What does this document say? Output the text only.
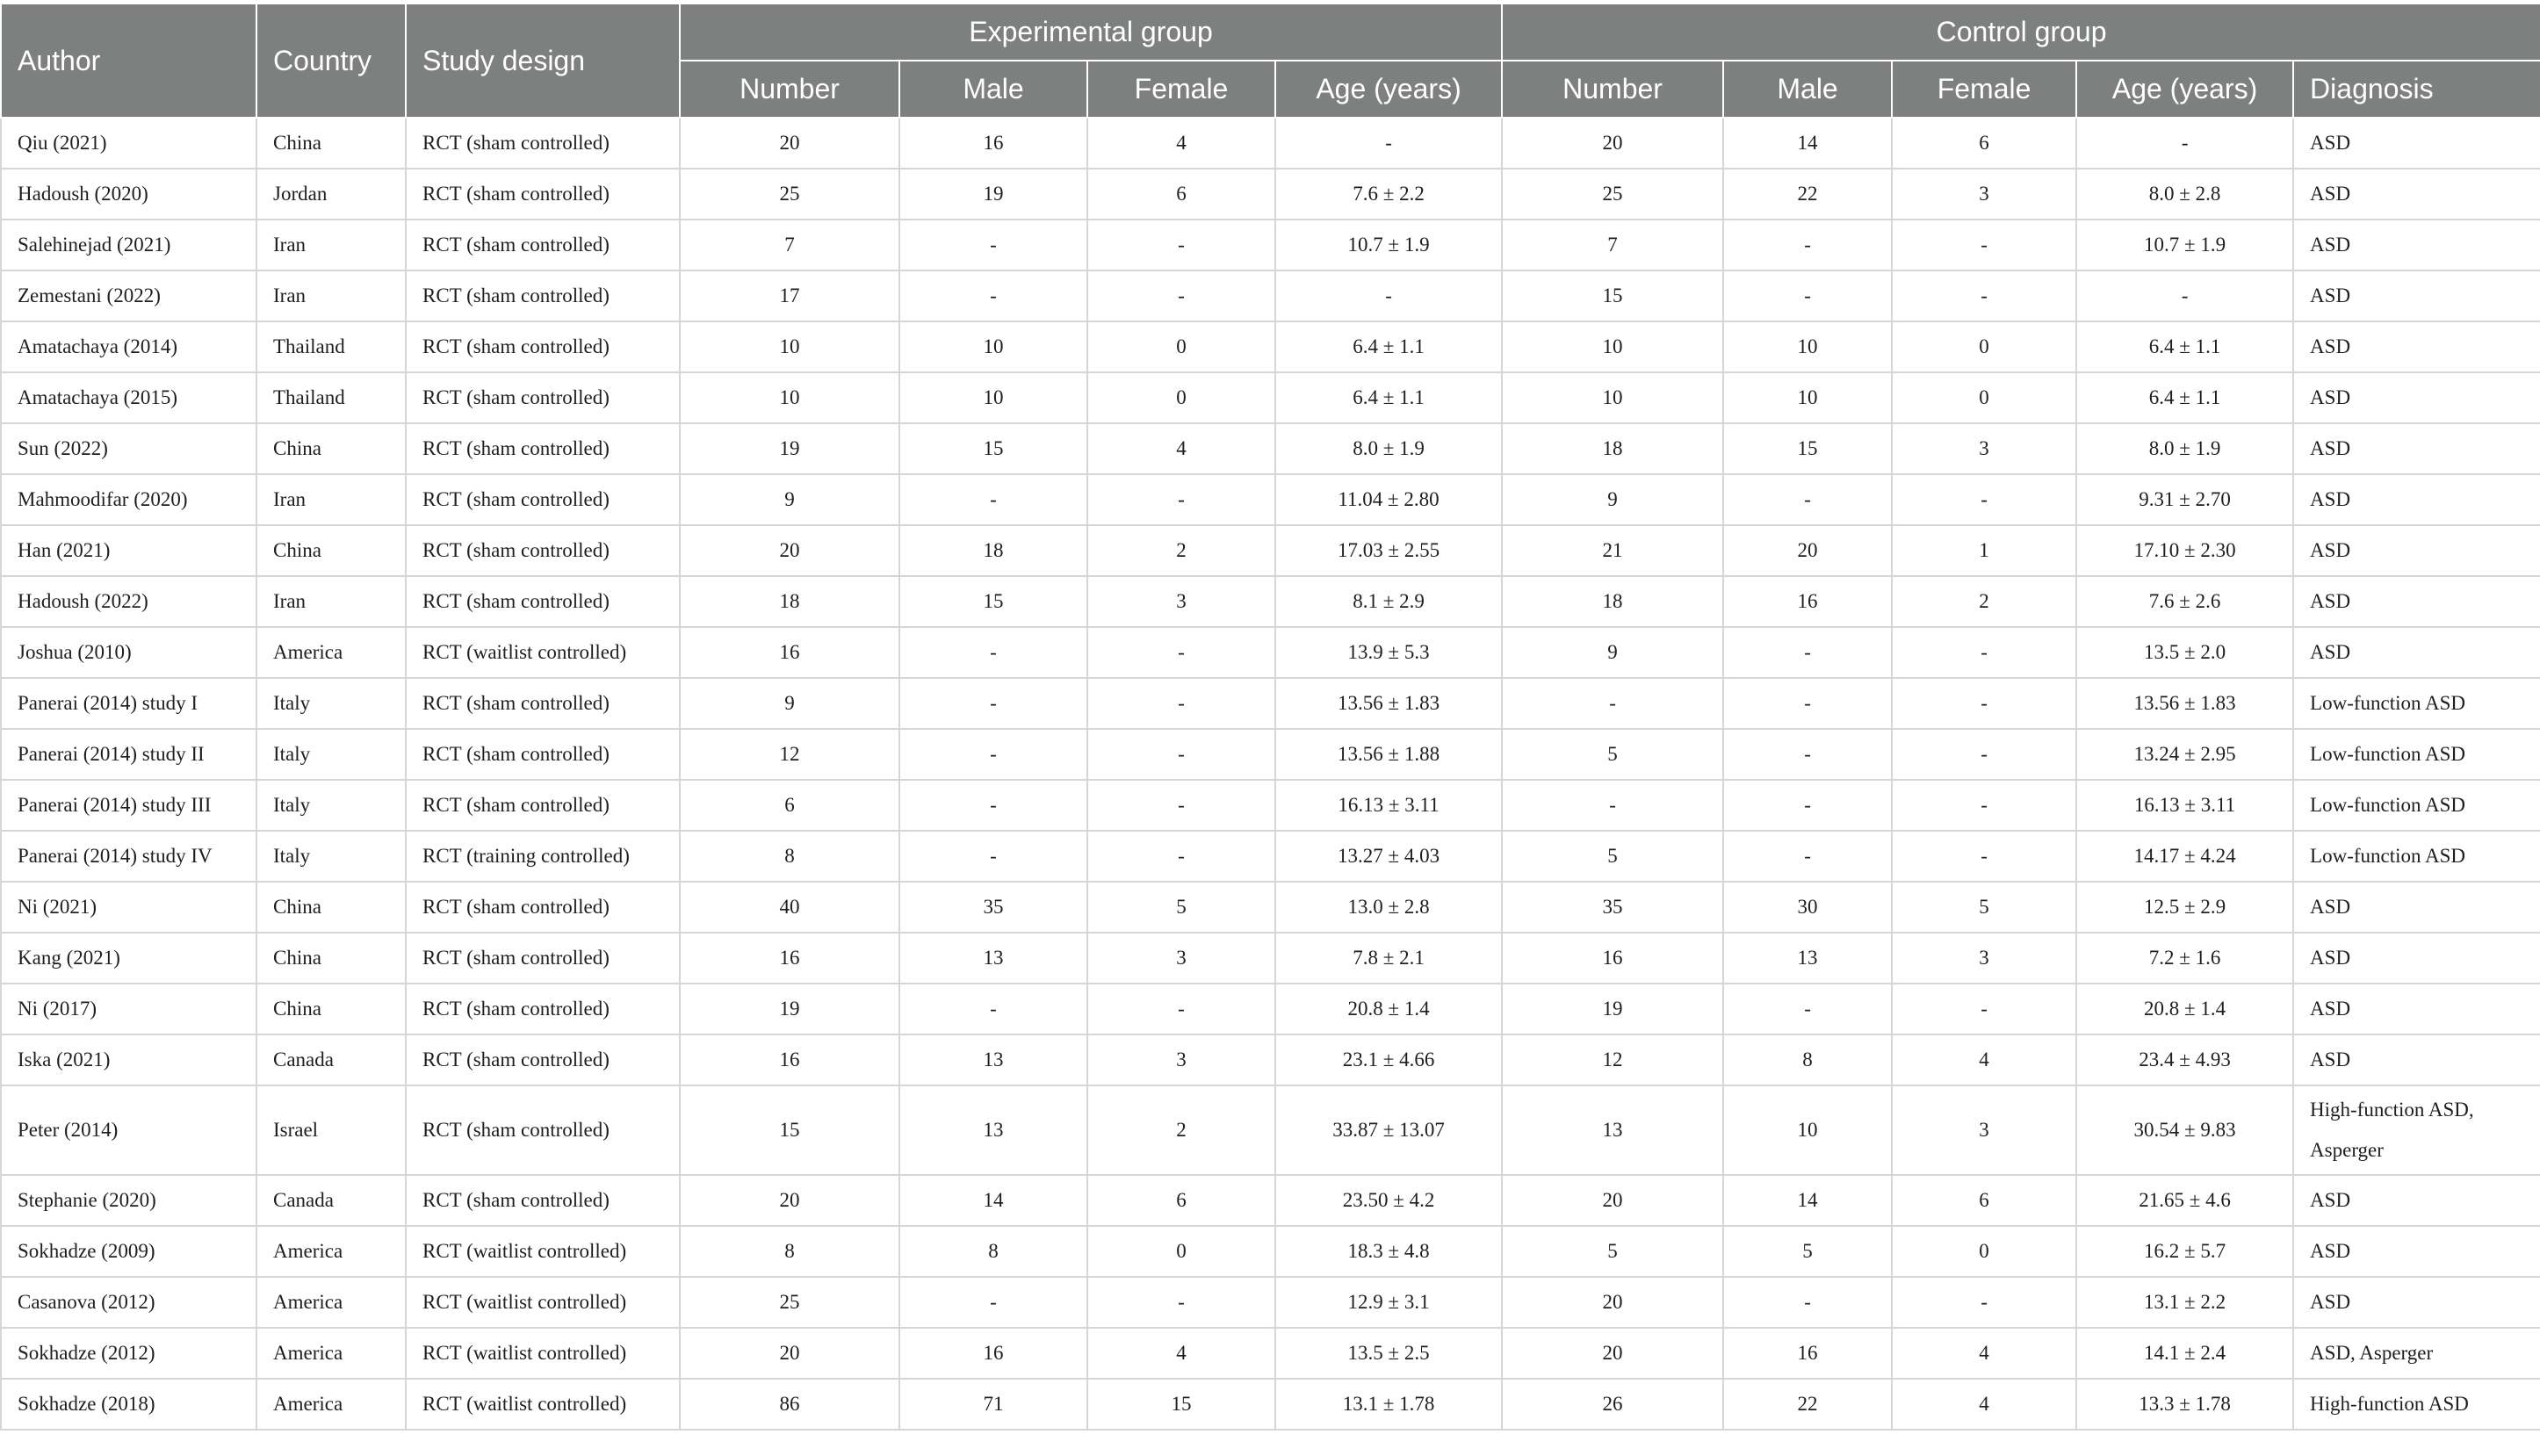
Author	Country	Study design	Experimental group				Control group				
			Number	Male	Female	Age (years)	Number	Male	Female	Age (years)	Diagnosis
Qiu (2021)	China	RCT (sham controlled)	20	16	4	-	20	14	6	-	ASD
Hadoush (2020)	Jordan	RCT (sham controlled)	25	19	6	7.6 ± 2.2	25	22	3	8.0 ± 2.8	ASD
Salehinejad (2021)	Iran	RCT (sham controlled)	7	-	-	10.7 ± 1.9	7	-	-	10.7 ± 1.9	ASD
Zemestani (2022)	Iran	RCT (sham controlled)	17	-	-	-	15	-	-	-	ASD
Amatachaya (2014)	Thailand	RCT (sham controlled)	10	10	0	6.4 ± 1.1	10	10	0	6.4 ± 1.1	ASD
Amatachaya (2015)	Thailand	RCT (sham controlled)	10	10	0	6.4 ± 1.1	10	10	0	6.4 ± 1.1	ASD
Sun (2022)	China	RCT (sham controlled)	19	15	4	8.0 ± 1.9	18	15	3	8.0 ± 1.9	ASD
Mahmoodifar (2020)	Iran	RCT (sham controlled)	9	-	-	11.04 ± 2.80	9	-	-	9.31 ± 2.70	ASD
Han (2021)	China	RCT (sham controlled)	20	18	2	17.03 ± 2.55	21	20	1	17.10 ± 2.30	ASD
Hadoush (2022)	Iran	RCT (sham controlled)	18	15	3	8.1 ± 2.9	18	16	2	7.6 ± 2.6	ASD
Joshua (2010)	America	RCT (waitlist controlled)	16	-	-	13.9 ± 5.3	9	-	-	13.5 ± 2.0	ASD
Panerai (2014) study I	Italy	RCT (sham controlled)	9	-	-	13.56 ± 1.83	-	-	-	13.56 ± 1.83	Low-function ASD
Panerai (2014) study II	Italy	RCT (sham controlled)	12	-	-	13.56 ± 1.88	5	-	-	13.24 ± 2.95	Low-function ASD
Panerai (2014) study III	Italy	RCT (sham controlled)	6	-	-	16.13 ± 3.11	-	-	-	16.13 ± 3.11	Low-function ASD
Panerai (2014) study IV	Italy	RCT (training controlled)	8	-	-	13.27 ± 4.03	5	-	-	14.17 ± 4.24	Low-function ASD
Ni (2021)	China	RCT (sham controlled)	40	35	5	13.0 ± 2.8	35	30	5	12.5 ± 2.9	ASD
Kang (2021)	China	RCT (sham controlled)	16	13	3	7.8 ± 2.1	16	13	3	7.2 ± 1.6	ASD
Ni (2017)	China	RCT (sham controlled)	19	-	-	20.8 ± 1.4	19	-	-	20.8 ± 1.4	ASD
Iska (2021)	Canada	RCT (sham controlled)	16	13	3	23.1 ± 4.66	12	8	4	23.4 ± 4.93	ASD
Peter (2014)	Israel	RCT (sham controlled)	15	13	2	33.87 ± 13.07	13	10	3	30.54 ± 9.83	High-function ASD,
Asperger

Stephanie (2020)	Canada	RCT (sham controlled)	20	14	6	23.50 ± 4.2	20	14	6	21.65 ± 4.6	ASD
Sokhadze (2009)	America	RCT (waitlist controlled)	8	8	0	18.3 ± 4.8	5	5	0	16.2 ± 5.7	ASD
Casanova (2012)	America	RCT (waitlist controlled)	25	-	-	12.9 ± 3.1	20	-	-	13.1 ± 2.2	ASD
Sokhadze (2012)	America	RCT (waitlist controlled)	20	16	4	13.5 ± 2.5	20	16	4	14.1 ± 2.4	ASD, Asperger
Sokhadze (2018)	America	RCT (waitlist controlled)	86	71	15	13.1 ± 1.78	26	22	4	13.3 ± 1.78	High-function ASD
